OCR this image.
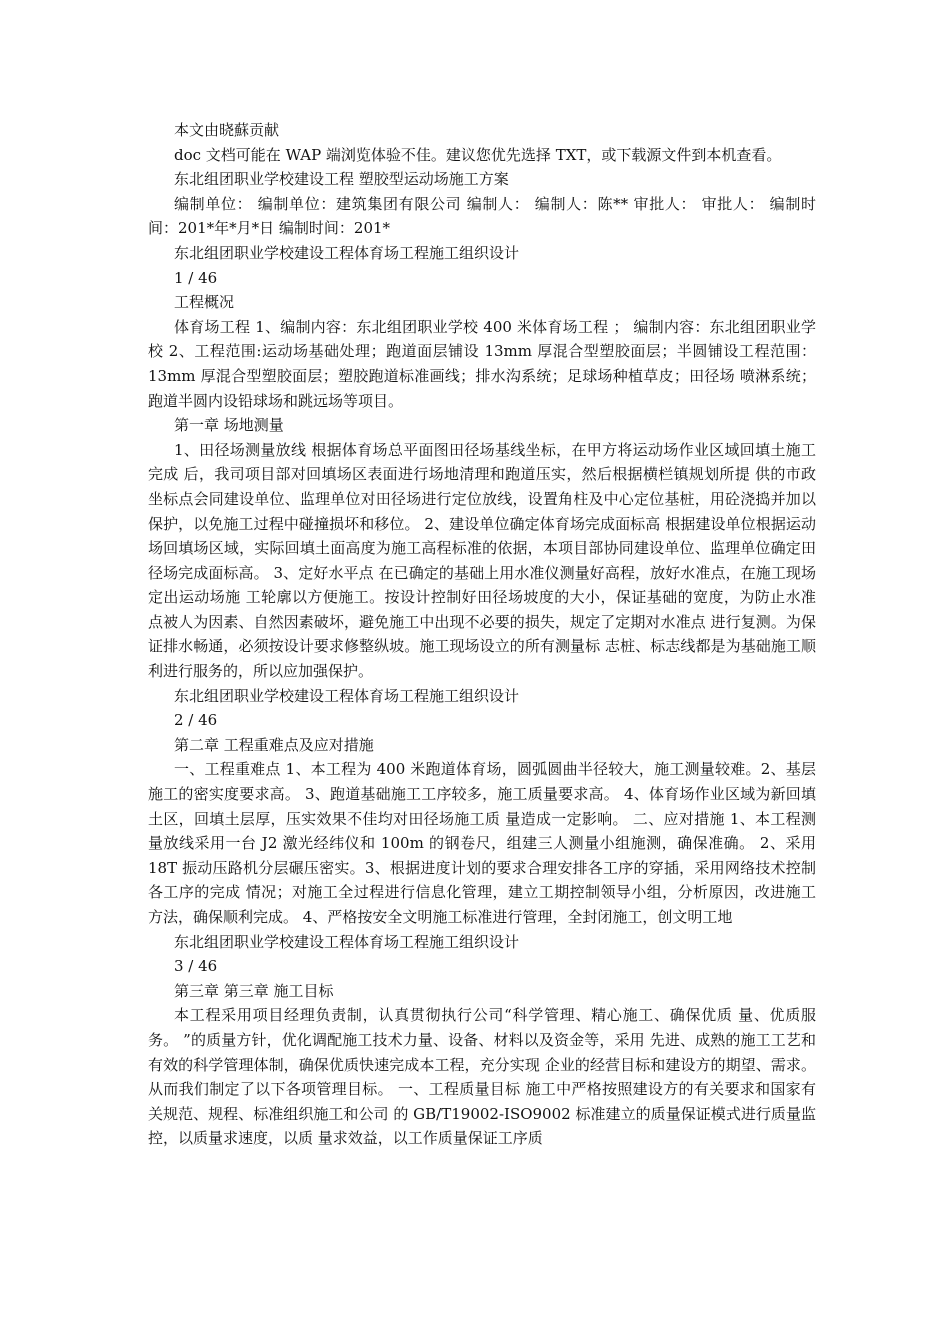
本文由晓蘇贡献

doc 文档可能在 WAP 端浏览体验不佳。建议您优先选择 TXT，或下载源文件到本机查看。

东北组团职业学校建设工程 塑胶型运动场施工方案

编制单位： 编制单位：建筑集团有限公司 编制人： 编制人：陈** 审批人： 审批人： 编制时间：201*年*月*日 编制时间：201*

东北组团职业学校建设工程体育场工程施工组织设计

1 / 46

工程概况

体育场工程 1、编制内容：东北组团职业学校 400 米体育场工程 ； 编制内容：东北组团职业学校 2、工程范围:运动场基础处理；跑道面层铺设 13mm 厚混合型塑胶面层；半圆铺设工程范围： 13mm 厚混合型塑胶面层；塑胶跑道标准画线；排水沟系统；足球场种植草皮；田径场 喷淋系统； 跑道半圆内设铅球场和跳远场等项目。

第一章 场地测量

1、田径场测量放线 根据体育场总平面图田径场基线坐标，在甲方将运动场作业区域回填土施工完成 后，我司项目部对回填场区表面进行场地清理和跑道压实，然后根据横栏镇规划所提 供的市政坐标点会同建设单位、监理单位对田径场进行定位放线，设置角柱及中心定位基桩，用砼浇捣并加以保护，以免施工过程中碰撞损坏和移位。 2、建设单位确定体育场完成面标高 根据建设单位根据运动场回填场区域，实际回填土面高度为施工高程标准的依据，本项目部协同建设单位、监理单位确定田径场完成面标高。 3、定好水平点 在已确定的基础上用水准仪测量好高程，放好水准点，在施工现场定出运动场施 工轮廓以方便施工。按设计控制好田径场坡度的大小，保证基础的宽度，为防止水准 点被人为因素、自然因素破坏，避免施工中出现不必要的损失，规定了定期对水准点 进行复测。为保证排水畅通，必须按设计要求修整纵坡。施工现场设立的所有测量标 志桩、标志线都是为基础施工顺利进行服务的，所以应加强保护。

东北组团职业学校建设工程体育场工程施工组织设计

2 / 46

第二章 工程重难点及应对措施

一、工程重难点 1、本工程为 400 米跑道体育场，圆弧圆曲半径较大，施工测量较难。2、基层施工的密实度要求高。 3、跑道基础施工工序较多，施工质量要求高。 4、体育场作业区域为新回填土区，回填土层厚，压实效果不佳均对田径场施工质 量造成一定影响。 二、应对措施 1、本工程测量放线采用一台 J2 激光经纬仪和 100m 的钢卷尺，组建三人测量小组施测，确保准确。 2、采用 18T 振动压路机分层碾压密实。3、根据进度计划的要求合理安排各工序的穿插，采用网络技术控制各工序的完成 情况；对施工全过程进行信息化管理，建立工期控制领导小组，分析原因，改进施工 方法，确保顺利完成。 4、严格按安全文明施工标准进行管理，全封闭施工，创文明工地

东北组团职业学校建设工程体育场工程施工组织设计

3 / 46

第三章 第三章 施工目标

本工程采用项目经理负责制，认真贯彻执行公司“科学管理、精心施工、确保优质 量、优质服务。 ”的质量方针，优化调配施工技术力量、设备、材料以及资金等，采用 先进、成熟的施工工艺和有效的科学管理体制，确保优质快速完成本工程，充分实现 企业的经营目标和建设方的期望、需求。从而我们制定了以下各项管理目标。 一、工程质量目标 施工中严格按照建设方的有关要求和国家有关规范、规程、标准组织施工和公司 的 GB/T19002-ISO9002 标准建立的质量保证模式进行质量监控，以质量求速度，以质 量求效益，以工作质量保证工序质
